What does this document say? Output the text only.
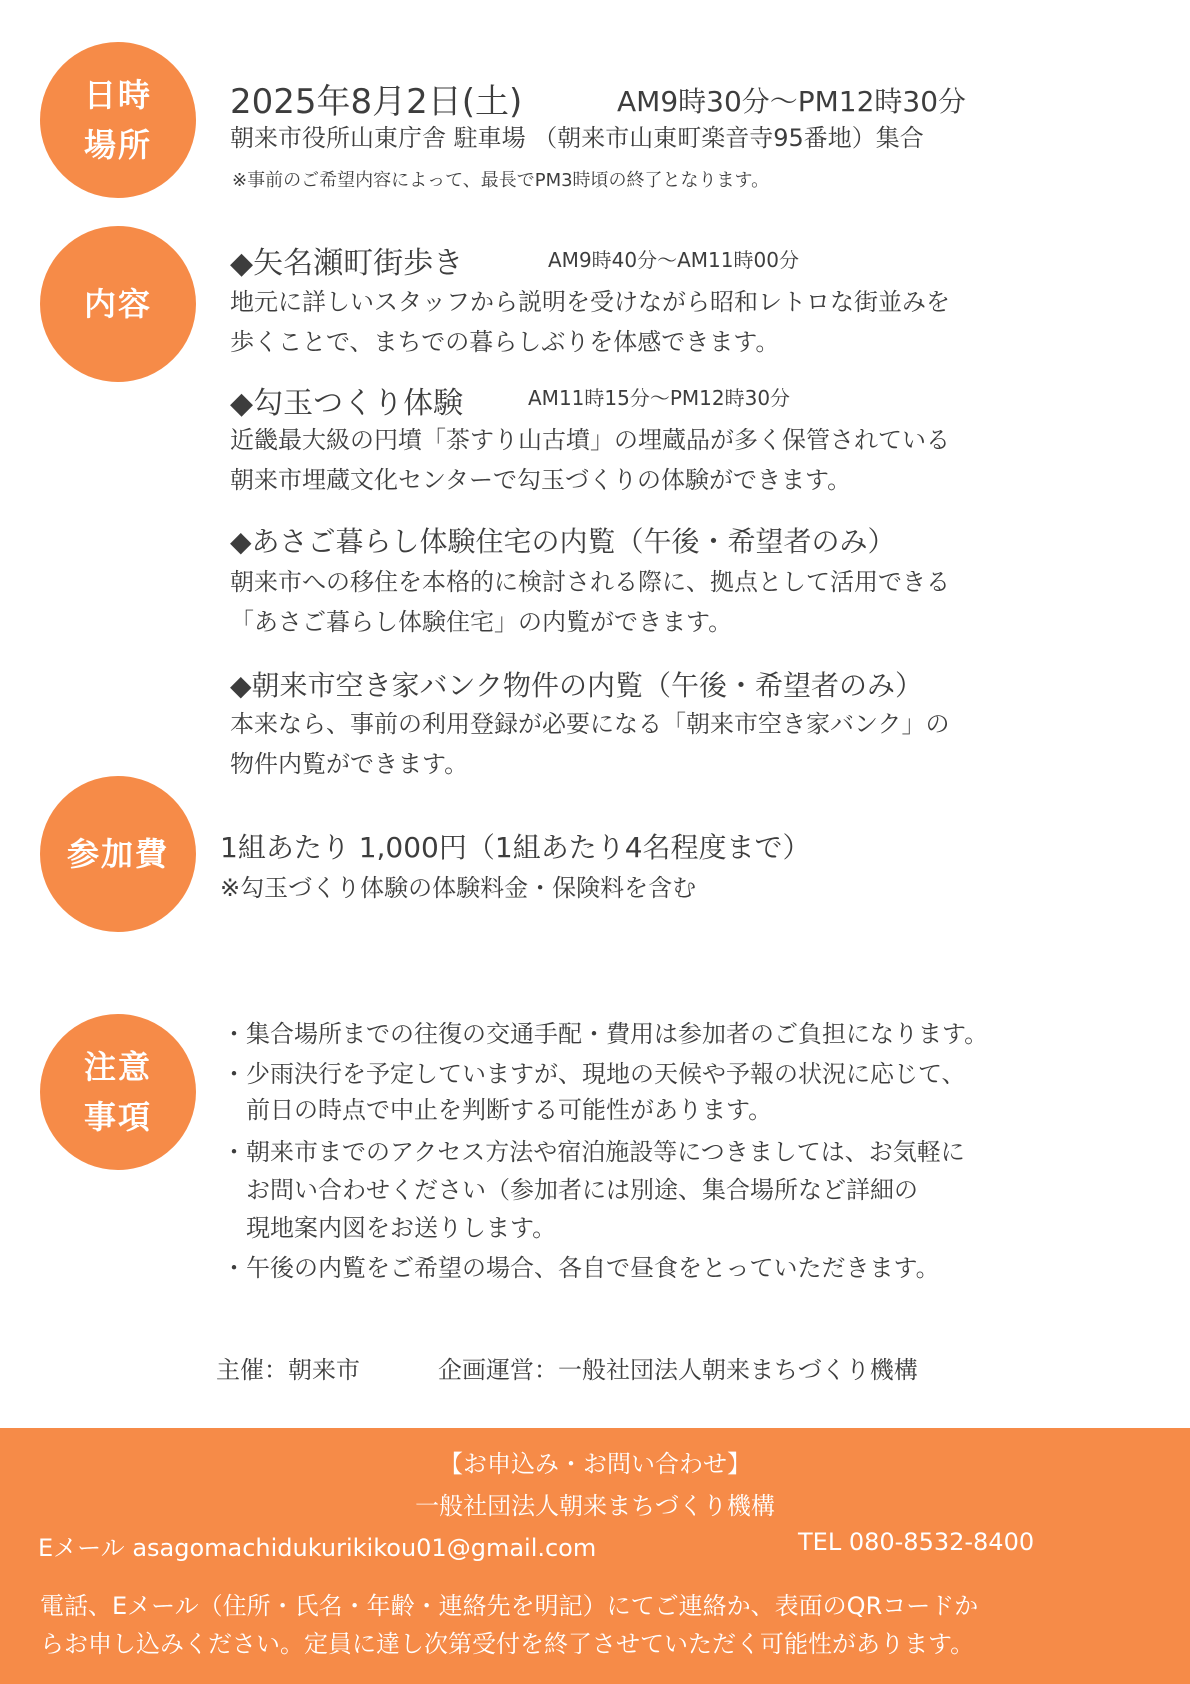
日時
場所
内容
参加費
注意
事項
2025年8月2日(土)	AM9時30分〜PM12時30分
朝来市役所山東庁舎 駐車場 （朝来市山東町楽音寺95番地）集合
※事前のご希望内容によって、最長でPM3時頃の終了となります。
◆矢名瀬町街歩き	AM9時40分〜AM11時00分
地元に詳しいスタッフから説明を受けながら昭和レトロな街並みを
歩くことで、まちでの暮らしぶりを体感できます。
◆勾玉つくり体験	AM11時15分〜PM12時30分
近畿最大級の円墳「茶すり山古墳」の埋蔵品が多く保管されている
朝来市埋蔵文化センターで勾玉づくりの体験ができます。
◆あさご暮らし体験住宅の内覧（午後・希望者のみ）
朝来市への移住を本格的に検討される際に、拠点として活用できる
「あさご暮らし体験住宅」の内覧ができます。
◆朝来市空き家バンク物件の内覧（午後・希望者のみ）
本来なら、事前の利用登録が必要になる「朝来市空き家バンク」の
物件内覧ができます。
1組あたり 1,000円（1組あたり4名程度まで）
※勾玉づくり体験の体験料金・保険料を含む
・集合場所までの往復の交通手配・費用は参加者のご負担になります。
・少雨決行を予定していますが、現地の天候や予報の状況に応じて、
　前日の時点で中止を判断する可能性があります。
・朝来市までのアクセス方法や宿泊施設等につきましては、お気軽に
　お問い合わせください（参加者には別途、集合場所など詳細の
　現地案内図をお送りします。
・午後の内覧をご希望の場合、各自で昼食をとっていただきます。
主催：朝来市	企画運営：一般社団法人朝来まちづくり機構
【お申込み・お問い合わせ】
一般社団法人朝来まちづくり機構
Eメール asagomachidukurikikou01@gmail.com	TEL 080-8532-8400
電話、Eメール（住所・氏名・年齢・連絡先を明記）にてご連絡か、表面のQRコードか
らお申し込みください。定員に達し次第受付を終了させていただく可能性があります。
